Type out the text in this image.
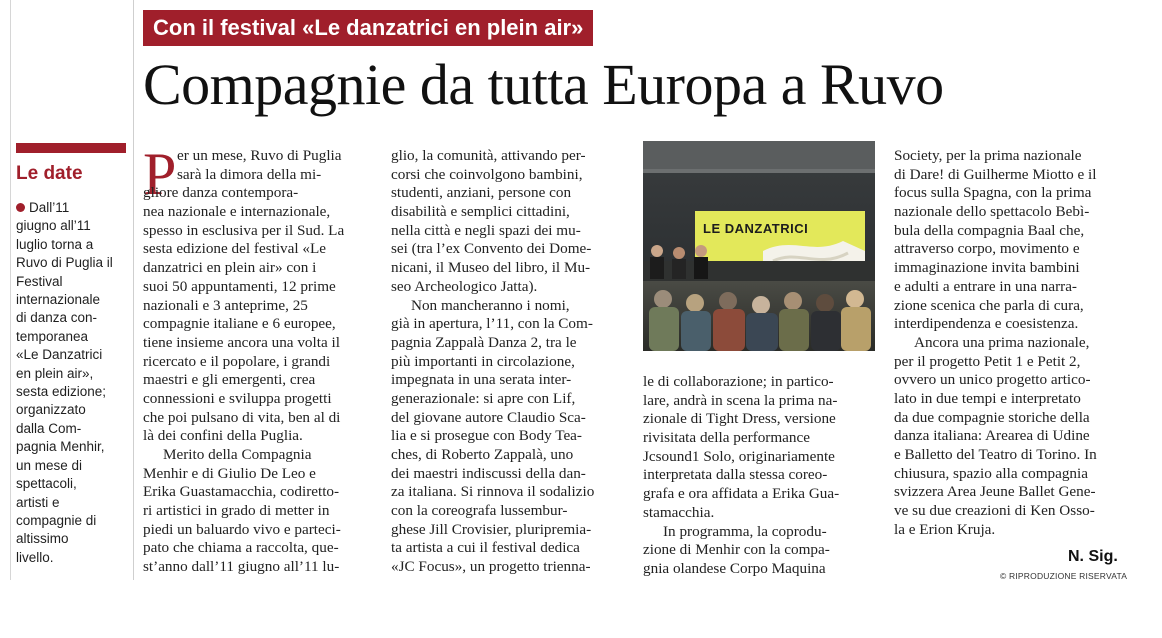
Con il festival «Le danzatrici en plein air»
Compagnie da tutta Europa a Ruvo
Le date
Dall’11
giugno all’11
luglio torna a
Ruvo di Puglia il
Festival
internazionale
di danza con-
temporanea
«Le Danzatrici
en plein air»,
sesta edizione;
organizzato
dalla Com-
pagnia Menhir,
un mese di
spettacoli,
artisti e
compagnie di
altissimo
livello.
P er un mese, Ruvo di Puglia
sarà la dimora della mi-
gliore danza contempora-
nea nazionale e internazionale,
spesso in esclusiva per il Sud. La
sesta edizione del festival «Le
danzatrici en plein air» con i
suoi 50 appuntamenti, 12 prime
nazionali e 3 anteprime, 25
compagnie italiane e 6 europee,
tiene insieme ancora una volta il
ricercato e il popolare, i grandi
maestri e gli emergenti, crea
connessioni e sviluppa progetti
che poi pulsano di vita, ben al di
là dei confini della Puglia.
Merito della Compagnia
Menhir e di Giulio De Leo e
Erika Guastamacchia, codiretto-
ri artistici in grado di metter in
piedi un baluardo vivo e parteci-
pato che chiama a raccolta, que-
st’anno dall’11 giugno all’11 lu-
glio, la comunità, attivando per-
corsi che coinvolgono bambini,
studenti, anziani, persone con
disabilità e semplici cittadini,
nella città e negli spazi dei mu-
sei (tra l’ex Convento dei Dome-
nicani, il Museo del libro, il Mu-
seo Archeologico Jatta).
Non mancheranno i nomi,
già in apertura, l’11, con la Com-
pagnia Zappalà Danza 2, tra le
più importanti in circolazione,
impegnata in una serata inter-
generazionale: si apre con Lif,
del giovane autore Claudio Sca-
lia e si prosegue con Body Tea-
ches, di Roberto Zappalà, uno
dei maestri indiscussi della dan-
za italiana. Si rinnova il sodalizio
con la coreografa lussembur-
ghese Jill Crovisier, pluripremia-
ta artista a cui il festival dedica
«JC Focus», un progetto trienna-
LE DANZATRICI
le di collaborazione; in partico-
lare, andrà in scena la prima na-
zionale di Tight Dress, versione
rivisitata della performance
Jcsound1 Solo, originariamente
interpretata dalla stessa coreo-
grafa e ora affidata a Erika Gua-
stamacchia.
In programma, la coprodu-
zione di Menhir con la compa-
gnia olandese Corpo Maquina
Society, per la prima nazionale
di Dare! di Guilherme Miotto e il
focus sulla Spagna, con la prima
nazionale dello spettacolo Bebì-
bula della compagnia Baal che,
attraverso corpo, movimento e
immaginazione invita bambini
e adulti a entrare in una narra-
zione scenica che parla di cura,
interdipendenza e coesistenza.
Ancora una prima nazionale,
per il progetto Petit 1 e Petit 2,
ovvero un unico progetto artico-
lato in due tempi e interpretato
da due compagnie storiche della
danza italiana: Arearea di Udine
e Balletto del Teatro di Torino. In
chiusura, spazio alla compagnia
svizzera Area Jeune Ballet Gene-
ve su due creazioni di Ken Osso-
la e Erion Kruja.
N. Sig.
© RIPRODUZIONE RISERVATA
